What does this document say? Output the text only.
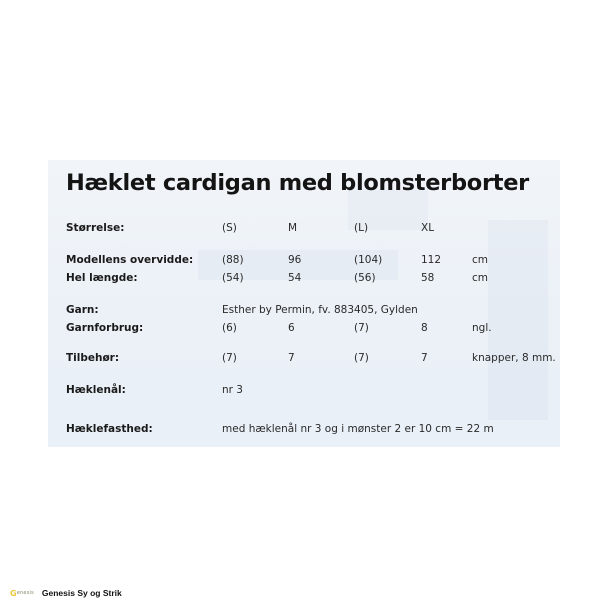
Hæklet cardigan med blomsterborter
Størrelse:	(S)	M	(L)	XL
Modellens overvidde:	(88)	96	(104)	112	cm
Hel længde:	(54)	54	(56)	58	cm
Garn:	Esther by Permin, fv. 883405, Gylden
Garnforbrug:	(6)	6	(7)	8	ngl.
Tilbehør:	(7)	7	(7)	7	knapper, 8 mm.
Hæklenål:	nr 3
Hæklefasthed:	med hæklenål nr 3 og i mønster 2 er 10 cm = 22 m
G enesis Genesis Sy og Strik
